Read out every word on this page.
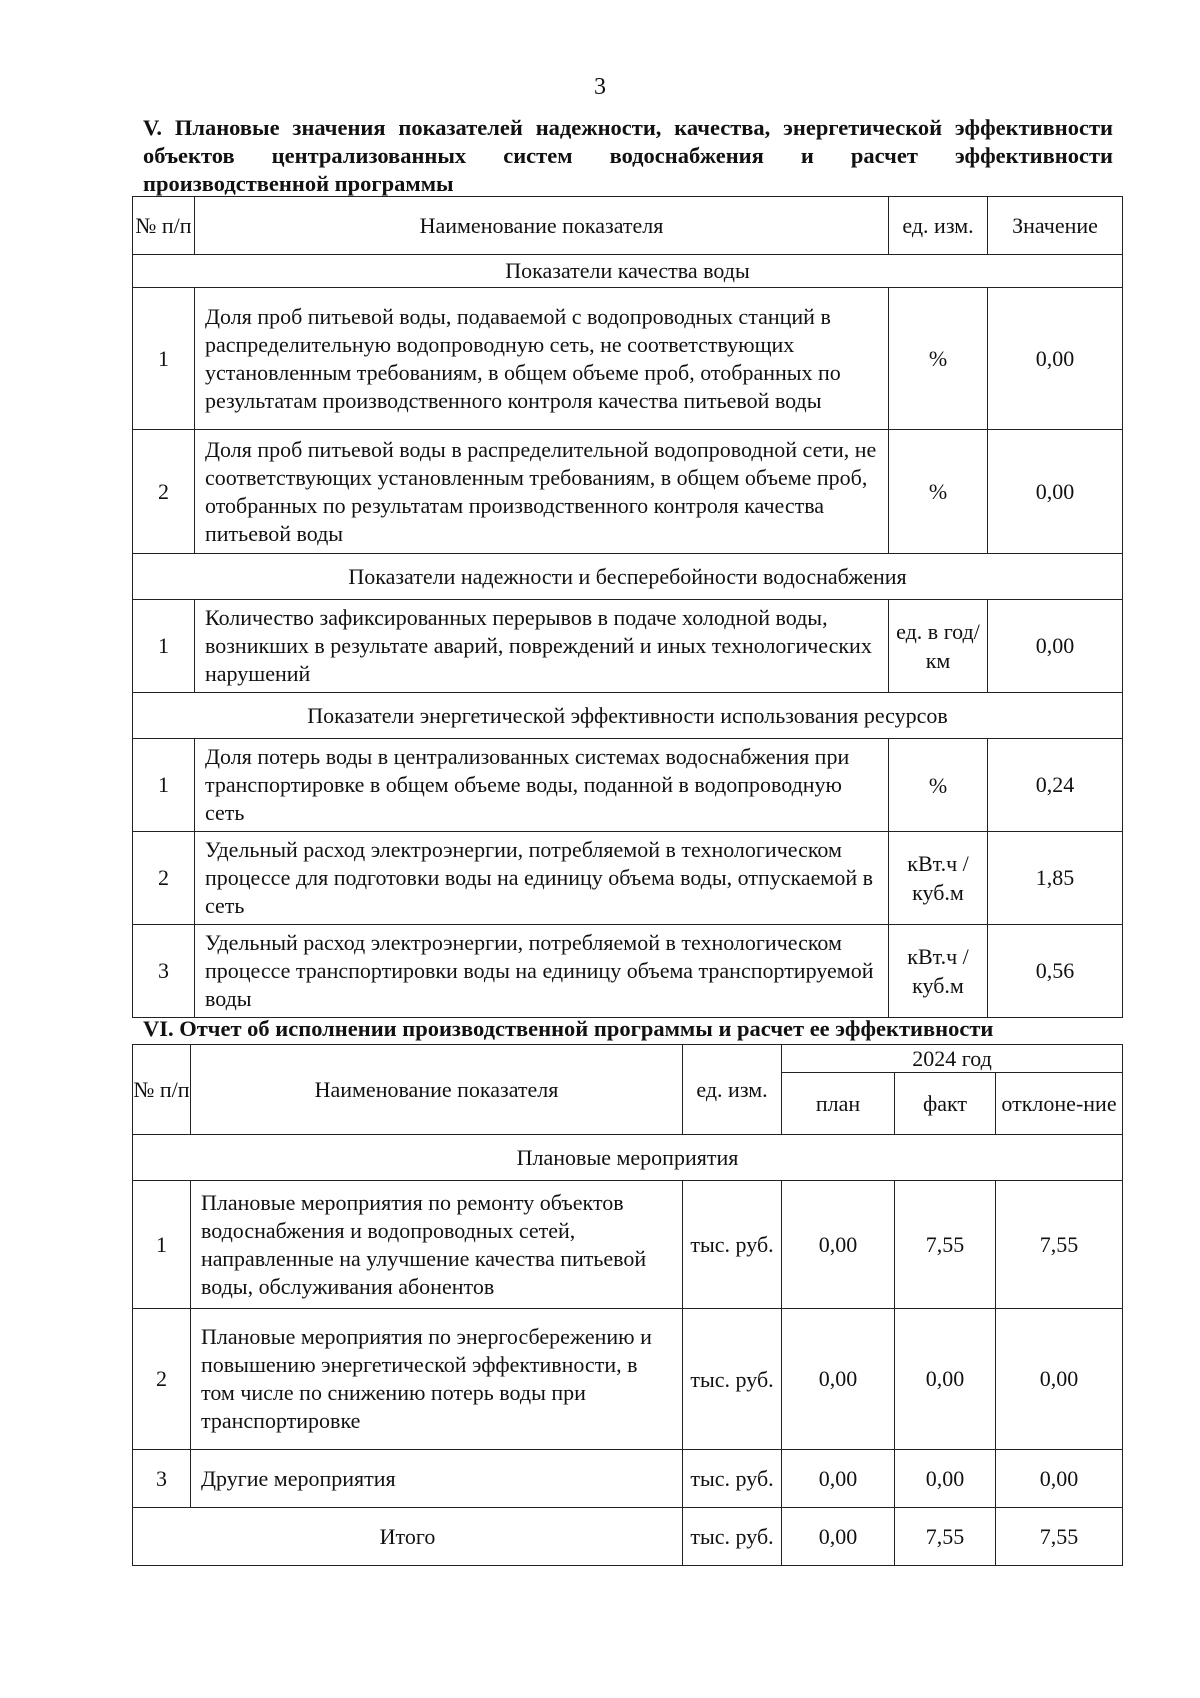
3
V. Плановые значения показателей надежности, качества, энергетической эффективности объектов централизованных систем водоснабжения и расчет эффективности производственной программы
№ п/п	Наименование показателя	ед. изм.	Значение
Показатели качества воды			
1	Доля проб питьевой воды, подаваемой с водопроводных станций в распределительную водопроводную сеть, не соответствующих установленным требованиям, в общем объеме проб, отобранных по результатам производственного контроля качества питьевой воды	%	0,00
2	Доля проб питьевой воды в распределительной водопроводной сети, не соответствующих установленным требованиям, в общем объеме проб, отобранных по результатам производственного контроля качества питьевой воды	%	0,00
Показатели надежности и бесперебойности водоснабжения			
1	Количество зафиксированных перерывов в подаче холодной воды, возникших в результате аварий, повреждений и иных технологических нарушений	ед. в год/ км	0,00
Показатели энергетической эффективности использования ресурсов			
1	Доля потерь воды в централизованных системах водоснабжения при транспортировке в общем объеме воды, поданной в водопроводную сеть	%	0,24
2	Удельный расход электроэнергии, потребляемой в технологическом процессе для подготовки воды на единицу объема воды, отпускаемой в сеть	кВт.ч / куб.м	1,85
3	Удельный расход электроэнергии, потребляемой в технологическом процессе транспортировки воды на единицу объема транспортируемой воды	кВт.ч / куб.м	0,56
VI. Отчет об исполнении производственной программы и расчет ее эффективности
№ п/п	Наименование показателя	ед. изм.	2024 год		
			план	факт	отклоне-ние
Плановые мероприятия					
1	Плановые мероприятия по ремонту объектов водоснабжения и водопроводных сетей, направленные на улучшение качества питьевой воды, обслуживания абонентов	тыс. руб.	0,00	7,55	7,55
2	Плановые мероприятия по энергосбережению и повышению энергетической эффективности, в том числе по снижению потерь воды при транспортировке	тыс. руб.	0,00	0,00	0,00
3	Другие мероприятия	тыс. руб.	0,00	0,00	0,00
Итого		тыс. руб.	0,00	7,55	7,55
